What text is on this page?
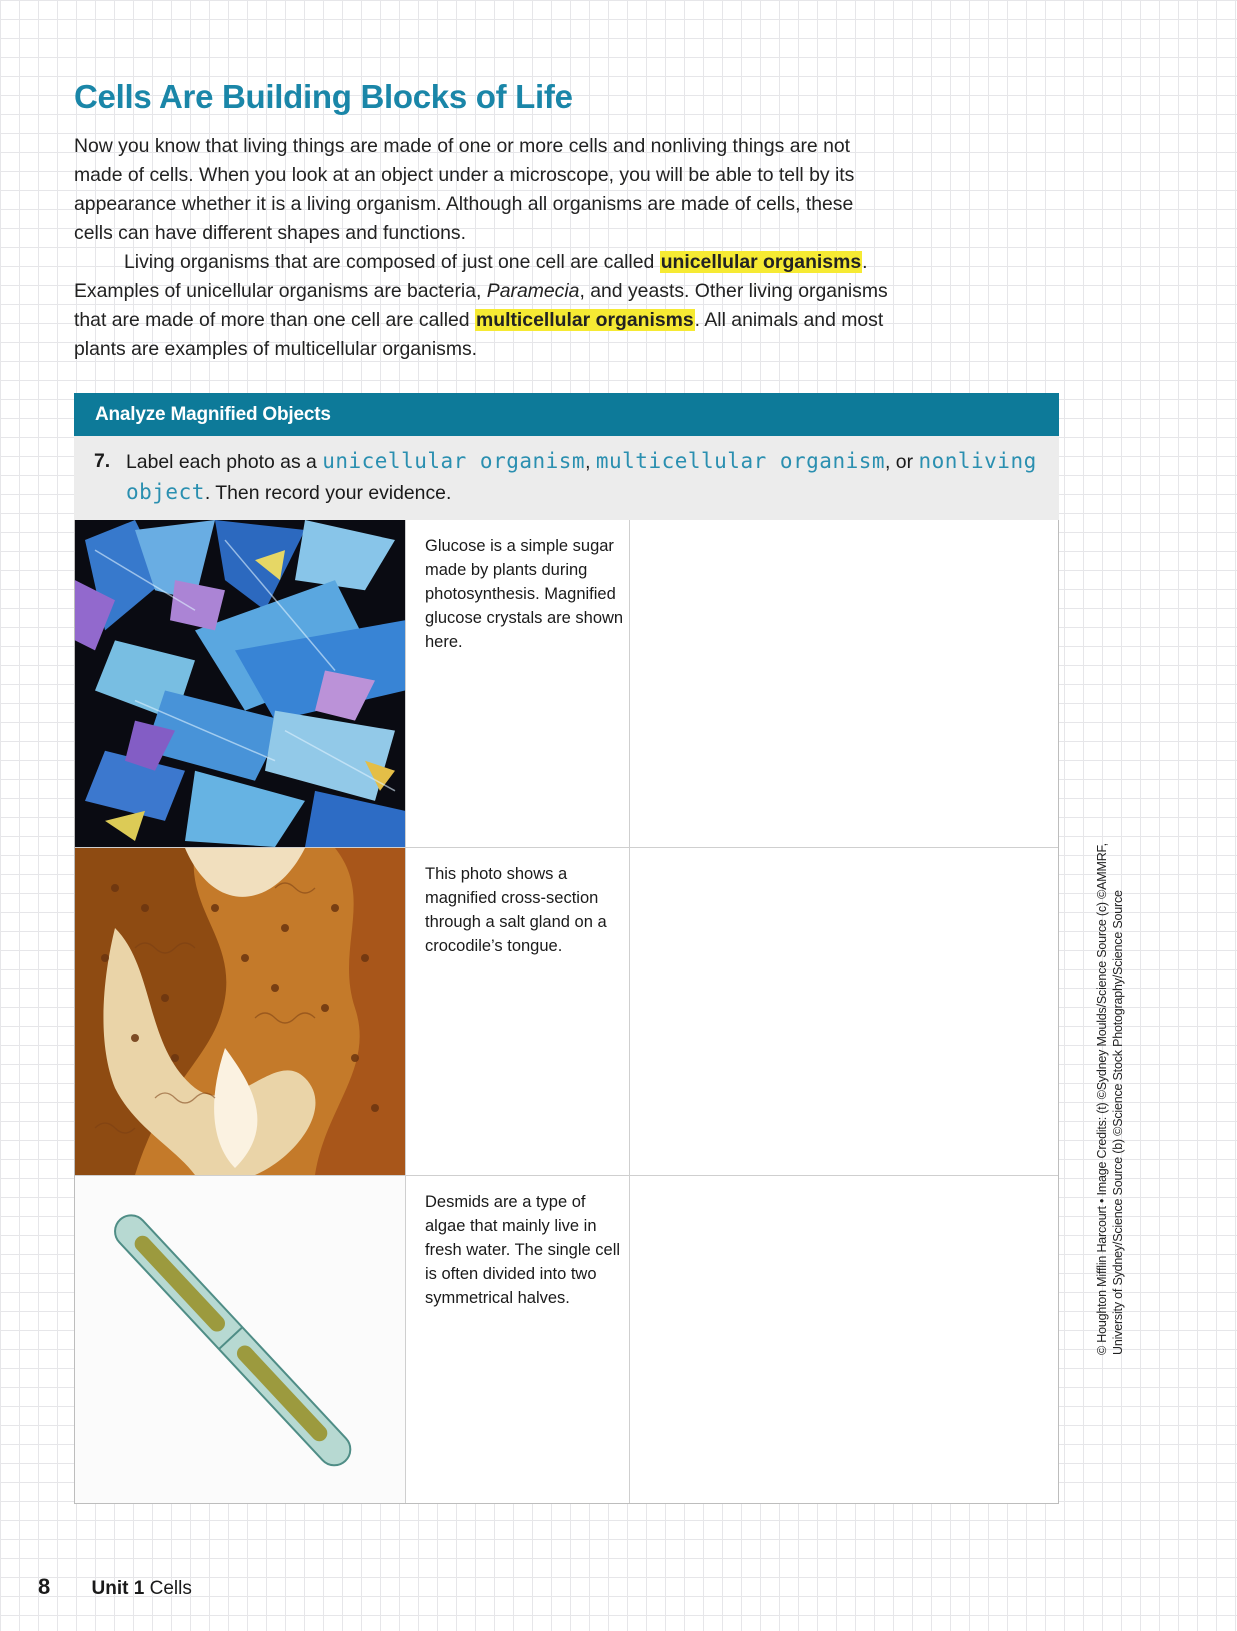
Cells Are Building Blocks of Life

Now you know that living things are made of one or more cells and nonliving things are not made of cells. When you look at an object under a microscope, you will be able to tell by its appearance whether it is a living organism. Although all organisms are made of cells, these cells can have different shapes and functions.

Living organisms that are composed of just one cell are called unicellular organisms. Examples of unicellular organisms are bacteria, Paramecia, and yeasts. Other living organisms that are made of more than one cell are called multicellular organisms. All animals and most plants are examples of multicellular organisms.

Analyze Magnified Objects
7. Label each photo as a unicellular organism, multicellular organism, or nonliving object. Then record your evidence.
Glucose is a simple sugar made by plants during photosynthesis. Magnified glucose crystals are shown here.
This photo shows a magnified cross-section through a salt gland on a crocodile’s tongue.
Desmids are a type of algae that mainly live in fresh water. The single cell is often divided into two symmetrical halves.	© Houghton Mifflin Harcourt • Image Credits: (t) ©Sydney Moulds/Science Source (c) ©AMMRF, University of Sydney/Science Source (b) ©Science Stock Photography/Science Source
8 Unit 1 Cells
